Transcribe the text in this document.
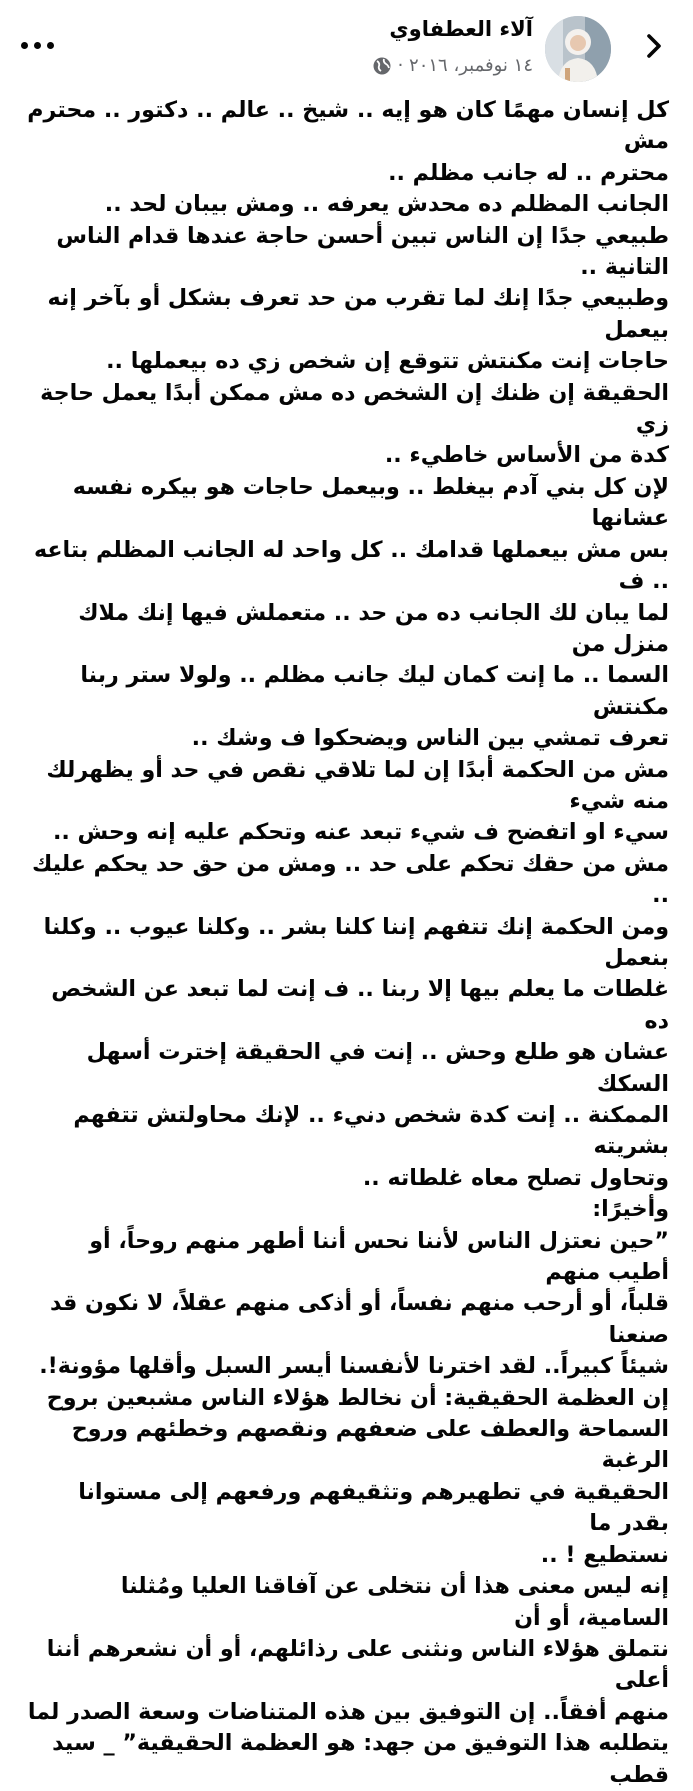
آلاء العطفاوي
١٤ نوفمبر، ٢٠١٦ ·

كل إنسان مهمًا كان هو إيه .. شيخ .. عالم .. دكتور .. محترم مش

محترم .. له جانب مظلم ..

الجانب المظلم ده محدش يعرفه .. ومش بيبان لحد ..

طبيعي جدًا إن الناس تبين أحسن حاجة عندها قدام الناس التانية ..

وطبيعي جدًا إنك لما تقرب من حد تعرف بشكل أو بآخر إنه بيعمل

حاجات إنت مكنتش تتوقع إن شخص زي ده بيعملها ..

الحقيقة إن ظنك إن الشخص ده مش ممكن أبدًا يعمل حاجة زي

كدة من الأساس خاطيء ..

لإن كل بني آدم بيغلط .. وبيعمل حاجات هو بيكره نفسه عشانها

بس مش بيعملها قدامك .. كل واحد له الجانب المظلم بتاعه .. ف

لما يبان لك الجانب ده من حد .. متعملش فيها إنك ملاك منزل من

السما .. ما إنت كمان ليك جانب مظلم .. ولولا ستر ربنا مكنتش

تعرف تمشي بين الناس ويضحكوا ف وشك ..

مش من الحكمة أبدًا إن لما تلاقي نقص في حد أو يظهرلك منه شيء

سيء او اتفضح ف شيء تبعد عنه وتحكم عليه إنه وحش ..

مش من حقك تحكم على حد .. ومش من حق حد يحكم عليك ..

ومن الحكمة إنك تتفهم إننا كلنا بشر .. وكلنا عيوب .. وكلنا بنعمل

غلطات ما يعلم بيها إلا ربنا .. ف إنت لما تبعد عن الشخص ده

عشان هو طلع وحش .. إنت في الحقيقة إخترت أسهل السكك

الممكنة .. إنت كدة شخص دنيء .. لإنك محاولتش تتفهم بشريته

وتحاول تصلح معاه غلطاته ..

وأخيرًا:

”حين نعتزل الناس لأننا نحس أننا أطهر منهم روحاً، أو أطيب منهم

قلباً، أو أرحب منهم نفساً، أو أذكى منهم عقلاً، لا نكون قد صنعنا

شيئاً كبيراً.. لقد اخترنا لأنفسنا أيسر السبل وأقلها مؤونة!.

إن العظمة الحقيقية: أن نخالط هؤلاء الناس مشبعين بروح

السماحة والعطف على ضعفهم ونقصهم وخطئهم وروح الرغبة

الحقيقية في تطهيرهم وتثقيفهم ورفعهم إلى مستوانا بقدر ما

نستطيع ! ..

إنه ليس معنى هذا أن نتخلى عن آفاقنا العليا ومُثلنا السامية، أو أن

نتملق هؤلاء الناس ونثنى على رذائلهم، أو أن نشعرهم أننا أعلى

منهم أفقاً.. إن التوفيق بين هذه المتناضات وسعة الصدر لما

يتطلبه هذا التوفيق من جهد: هو العظمة الحقيقية” _ سيد قطب
